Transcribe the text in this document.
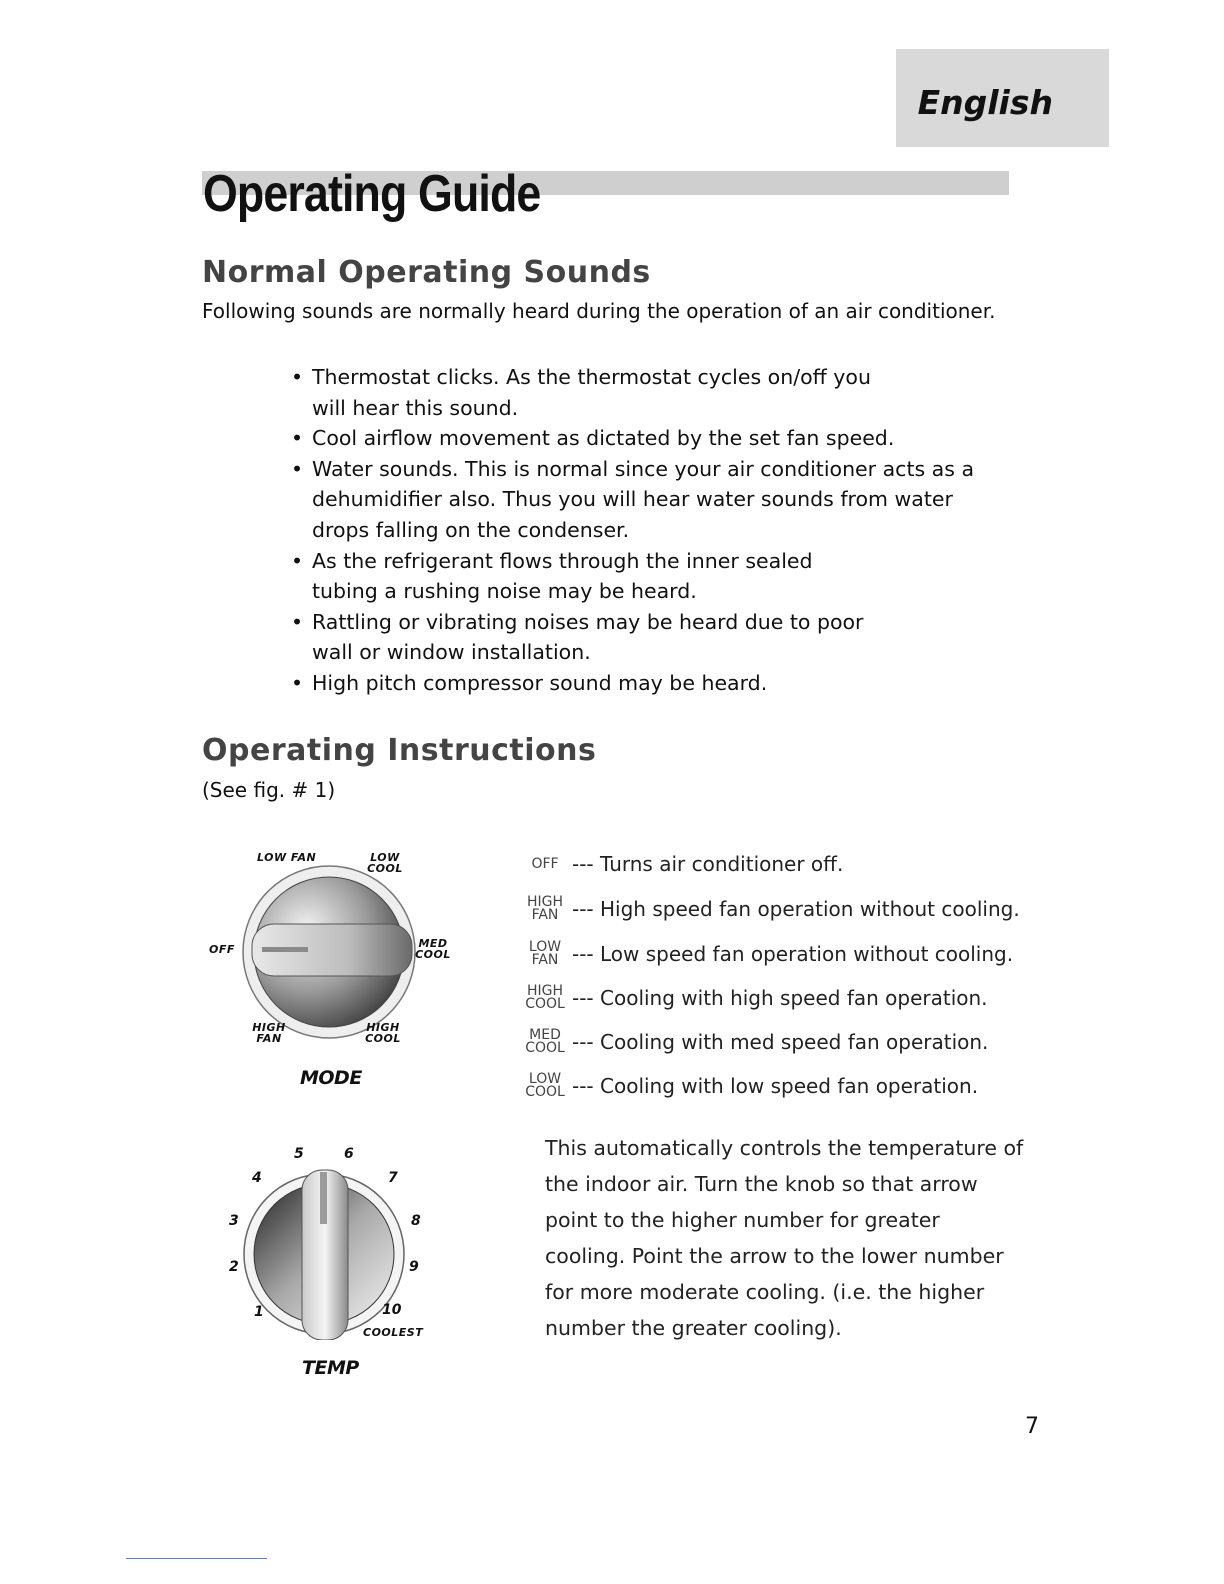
English
Operating Guide
Normal Operating Sounds

Following sounds are normally heard during the operation of an air conditioner.

• Thermostat clicks. As the thermostat cycles on/off you will hear this sound.
• Cool airflow movement as dictated by the set fan speed.
• Water sounds. This is normal since your air conditioner acts as a dehumidifier also. Thus you will hear water sounds from water drops falling on the condenser.
• As the refrigerant flows through the inner sealed tubing a rushing noise may be heard.
• Rattling or vibrating noises may be heard due to poor wall or window installation.
• High pitch compressor sound may be heard.
Operating Instructions

(See fig. # 1)

LOW FAN	LOW COOL
OFF	MED COOL
HIGH FAN
HIGH COOL
MODE
OFF --- Turns air conditioner off.
HIGH FAN --- High speed fan operation without cooling.
LOW FAN --- Low speed fan operation without cooling.
HIGH COOL --- Cooling with high speed fan operation.
MED COOL --- Cooling with med speed fan operation.
LOW COOL --- Cooling with low speed fan operation.
1
2
3
4
5	6
7
8
9
10
COOLEST
TEMP

This automatically controls the temperature of the indoor air. Turn the knob so that arrow point to the higher number for greater cooling. Point the arrow to the lower number for more moderate cooling. (i.e. the higher number the greater cooling).

7
